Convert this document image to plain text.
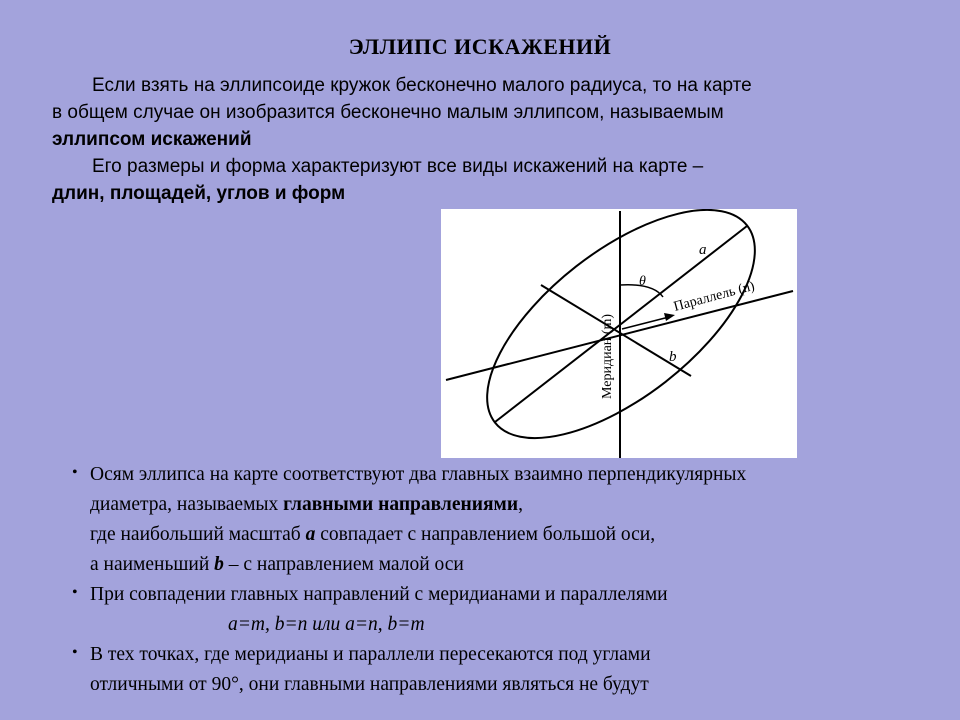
ЭЛЛИПС ИСКАЖЕНИЙ
Если взять на эллипсоиде кружок бесконечно малого радиуса, то на карте
в общем случае он изобразится бесконечно малым эллипсом, называемым
эллипсом искажений
Его размеры и форма характеризуют все виды искажений на карте –
длин, площадей, углов и форм
Меридиан (m)
Параллель (n)
a
b
θ
• Осям эллипса на карте соответствуют два главных взаимно перпендикулярных
диаметра, называемых главными направлениями,
где наибольший масштаб a совпадает с направлением большой оси,
а наименьший b – с направлением малой оси
• При совпадении главных направлений с меридианами и параллелями
a=m, b=n или a=n, b=m
• В тех точках, где меридианы и параллели пересекаются под углами
отличными от 90°, они главными направлениями являться не будут
